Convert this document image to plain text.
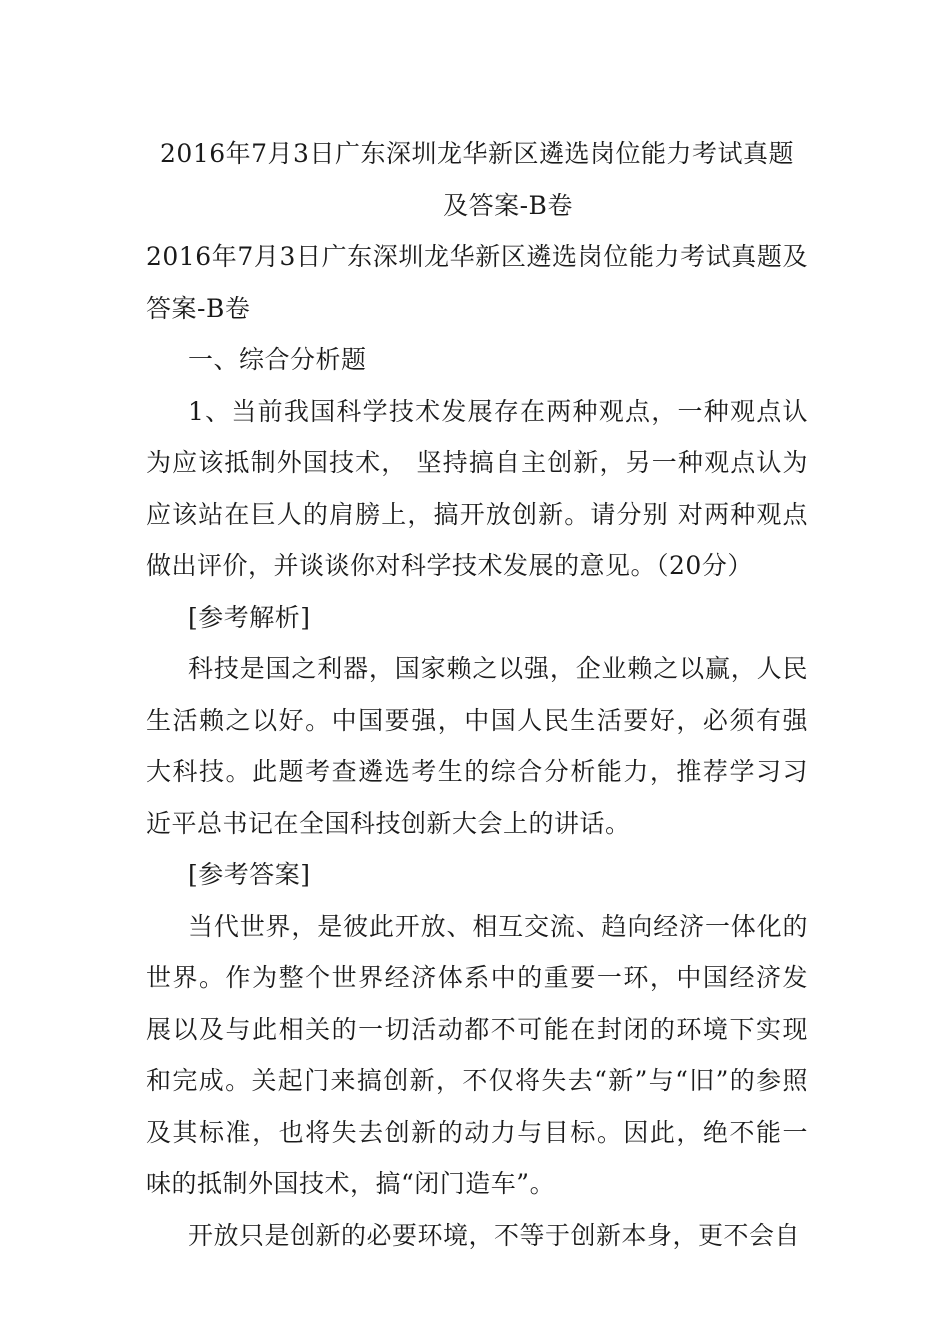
2016年7月3日广东深圳龙华新区遴选岗位能力考试真题
及答案-B卷

2016年7月3日广东深圳龙华新区遴选岗位能力考试真题及答案-B卷

一、综合分析题

1、当前我国科学技术发展存在两种观点，一种观点认为应该抵制外国技术， 坚持搞自主创新，另一种观点认为应该站在巨人的肩膀上，搞开放创新。请分别 对两种观点做出评价，并谈谈你对科学技术发展的意见。（20分）

[参考解析]

科技是国之利器，国家赖之以强，企业赖之以赢，人民生活赖之以好。中国要强，中国人民生活要好，必须有强大科技。此题考查遴选考生的综合分析能力，推荐学习习近平总书记在全国科技创新大会上的讲话。

[参考答案]

当代世界，是彼此开放、相互交流、趋向经济一体化的世界。作为整个世界经济体系中的重要一环，中国经济发展以及与此相关的一切活动都不可能在封闭的环境下实现和完成。关起门来搞创新，不仅将失去“新”与“旧”的参照及其标准，也将失去创新的动力与目标。因此，绝不能一味的抵制外国技术，搞“闭门造车”。

开放只是创新的必要环境，不等于创新本身，更不会自
